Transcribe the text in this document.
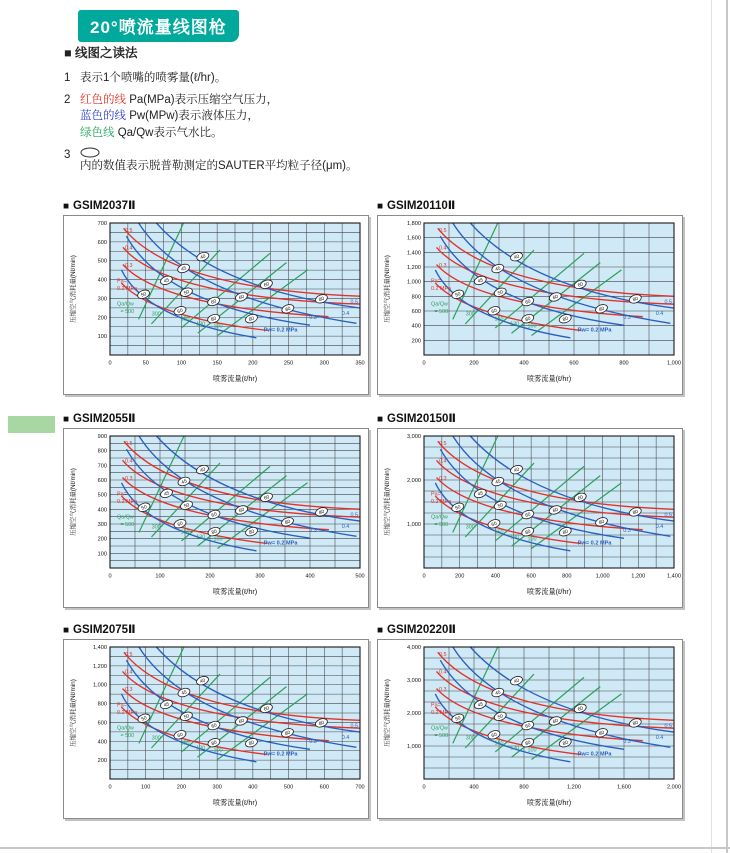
20°喷流量线图枪
■ 线图之读法
1 表示1个喷嘴的喷雾量(ℓ/hr)。
2 红色的线 Pa(MPa)表示压缩空气压力，
蓝色的线 Pw(MPw)表示液体压力，
绿色线 Qa/Qw表示气水比。
3
内的数值表示脱普勒测定的SAUTER平均粒子径(μm)。
■ GSIM2037Ⅱ
40
45
45
50	50
60
60
60
60
80	80
80
80
100
200
300
400
500
600
700
0	50	100	150	200	250	300	350
压缩空气消耗量(Nℓ/min)
喷雾流量(ℓ/hr)
0.5
0.4
0.3
Pa=
0.2 MPa
0.3
0.4
0.5
Pw= 0.2 MPa
Qa/Qw
= 500	300
150
130 100
■ GSIM20110Ⅱ
40
45
45
50	50
60
60
60
60
80	80
80
80
200
400
600
800
1,000
1,200
1,400
1,600
1,800
0	200	400	600	800	1,000
压缩空气消耗量(Nℓ/min)
喷雾流量(ℓ/hr)
0.5
0.4
0.3
Pa=
0.2 MPa
0.3
0.4
0.5
Pw= 0.2 MPa
Qa/Qw
= 500	300
150
130 100
■ GSIM2055Ⅱ
40
45
45
50	50
60
60
60
60
80	80
80
80
100
200
300
400
500
600
700
800
900
0	100	200	300	400	500
压缩空气消耗量(Nℓ/min)
喷雾流量(ℓ/hr)
0.5
0.4
0.3
Pa=
0.2 MPa
0.3
0.4
0.5
Pw= 0.2 MPa
Qa/Qw
= 500	300
150
130 100
■ GSIM20150Ⅱ
40
45
45
50	50
60
60
60
60
80	80
80
80
1,000
2,000
3,000
0	200	400	600	800	1,000	1,200	1,400
压缩空气消耗量(Nℓ/min)
喷雾流量(ℓ/hr)
0.5
0.4
0.3
Pa=
0.2 MPa
0.3
0.4
0.5
Pw= 0.2 MPa
Qa/Qw
= 500	300
150
130 100
■ GSIM2075Ⅱ
40
45
45
50	50
60
60
60
60
80	80
80
80
200
400
600
800
1,000
1,200
1,400
0	100	200	300	400	500	600	700
压缩空气消耗量(Nℓ/min)
喷雾流量(ℓ/hr)
0.5
0.4
0.3
Pa=
0.2 MPa
0.3
0.4
0.5
Pw= 0.2 MPa
Qa/Qw
= 500	300
150
130 100
■ GSIM20220Ⅱ
40
45
45
50	50
60
60
60
60
80	80
80
80
1,000
2,000
3,000
4,000
0	400	800	1,200	1,600	2,000
压缩空气消耗量(Nℓ/min)
喷雾流量(ℓ/hr)
0.5
0.4
0.3
Pa=
0.2 MPa
0.3
0.4
0.5
Pw= 0.2 MPa
Qa/Qw
= 500	300
150
130 100
